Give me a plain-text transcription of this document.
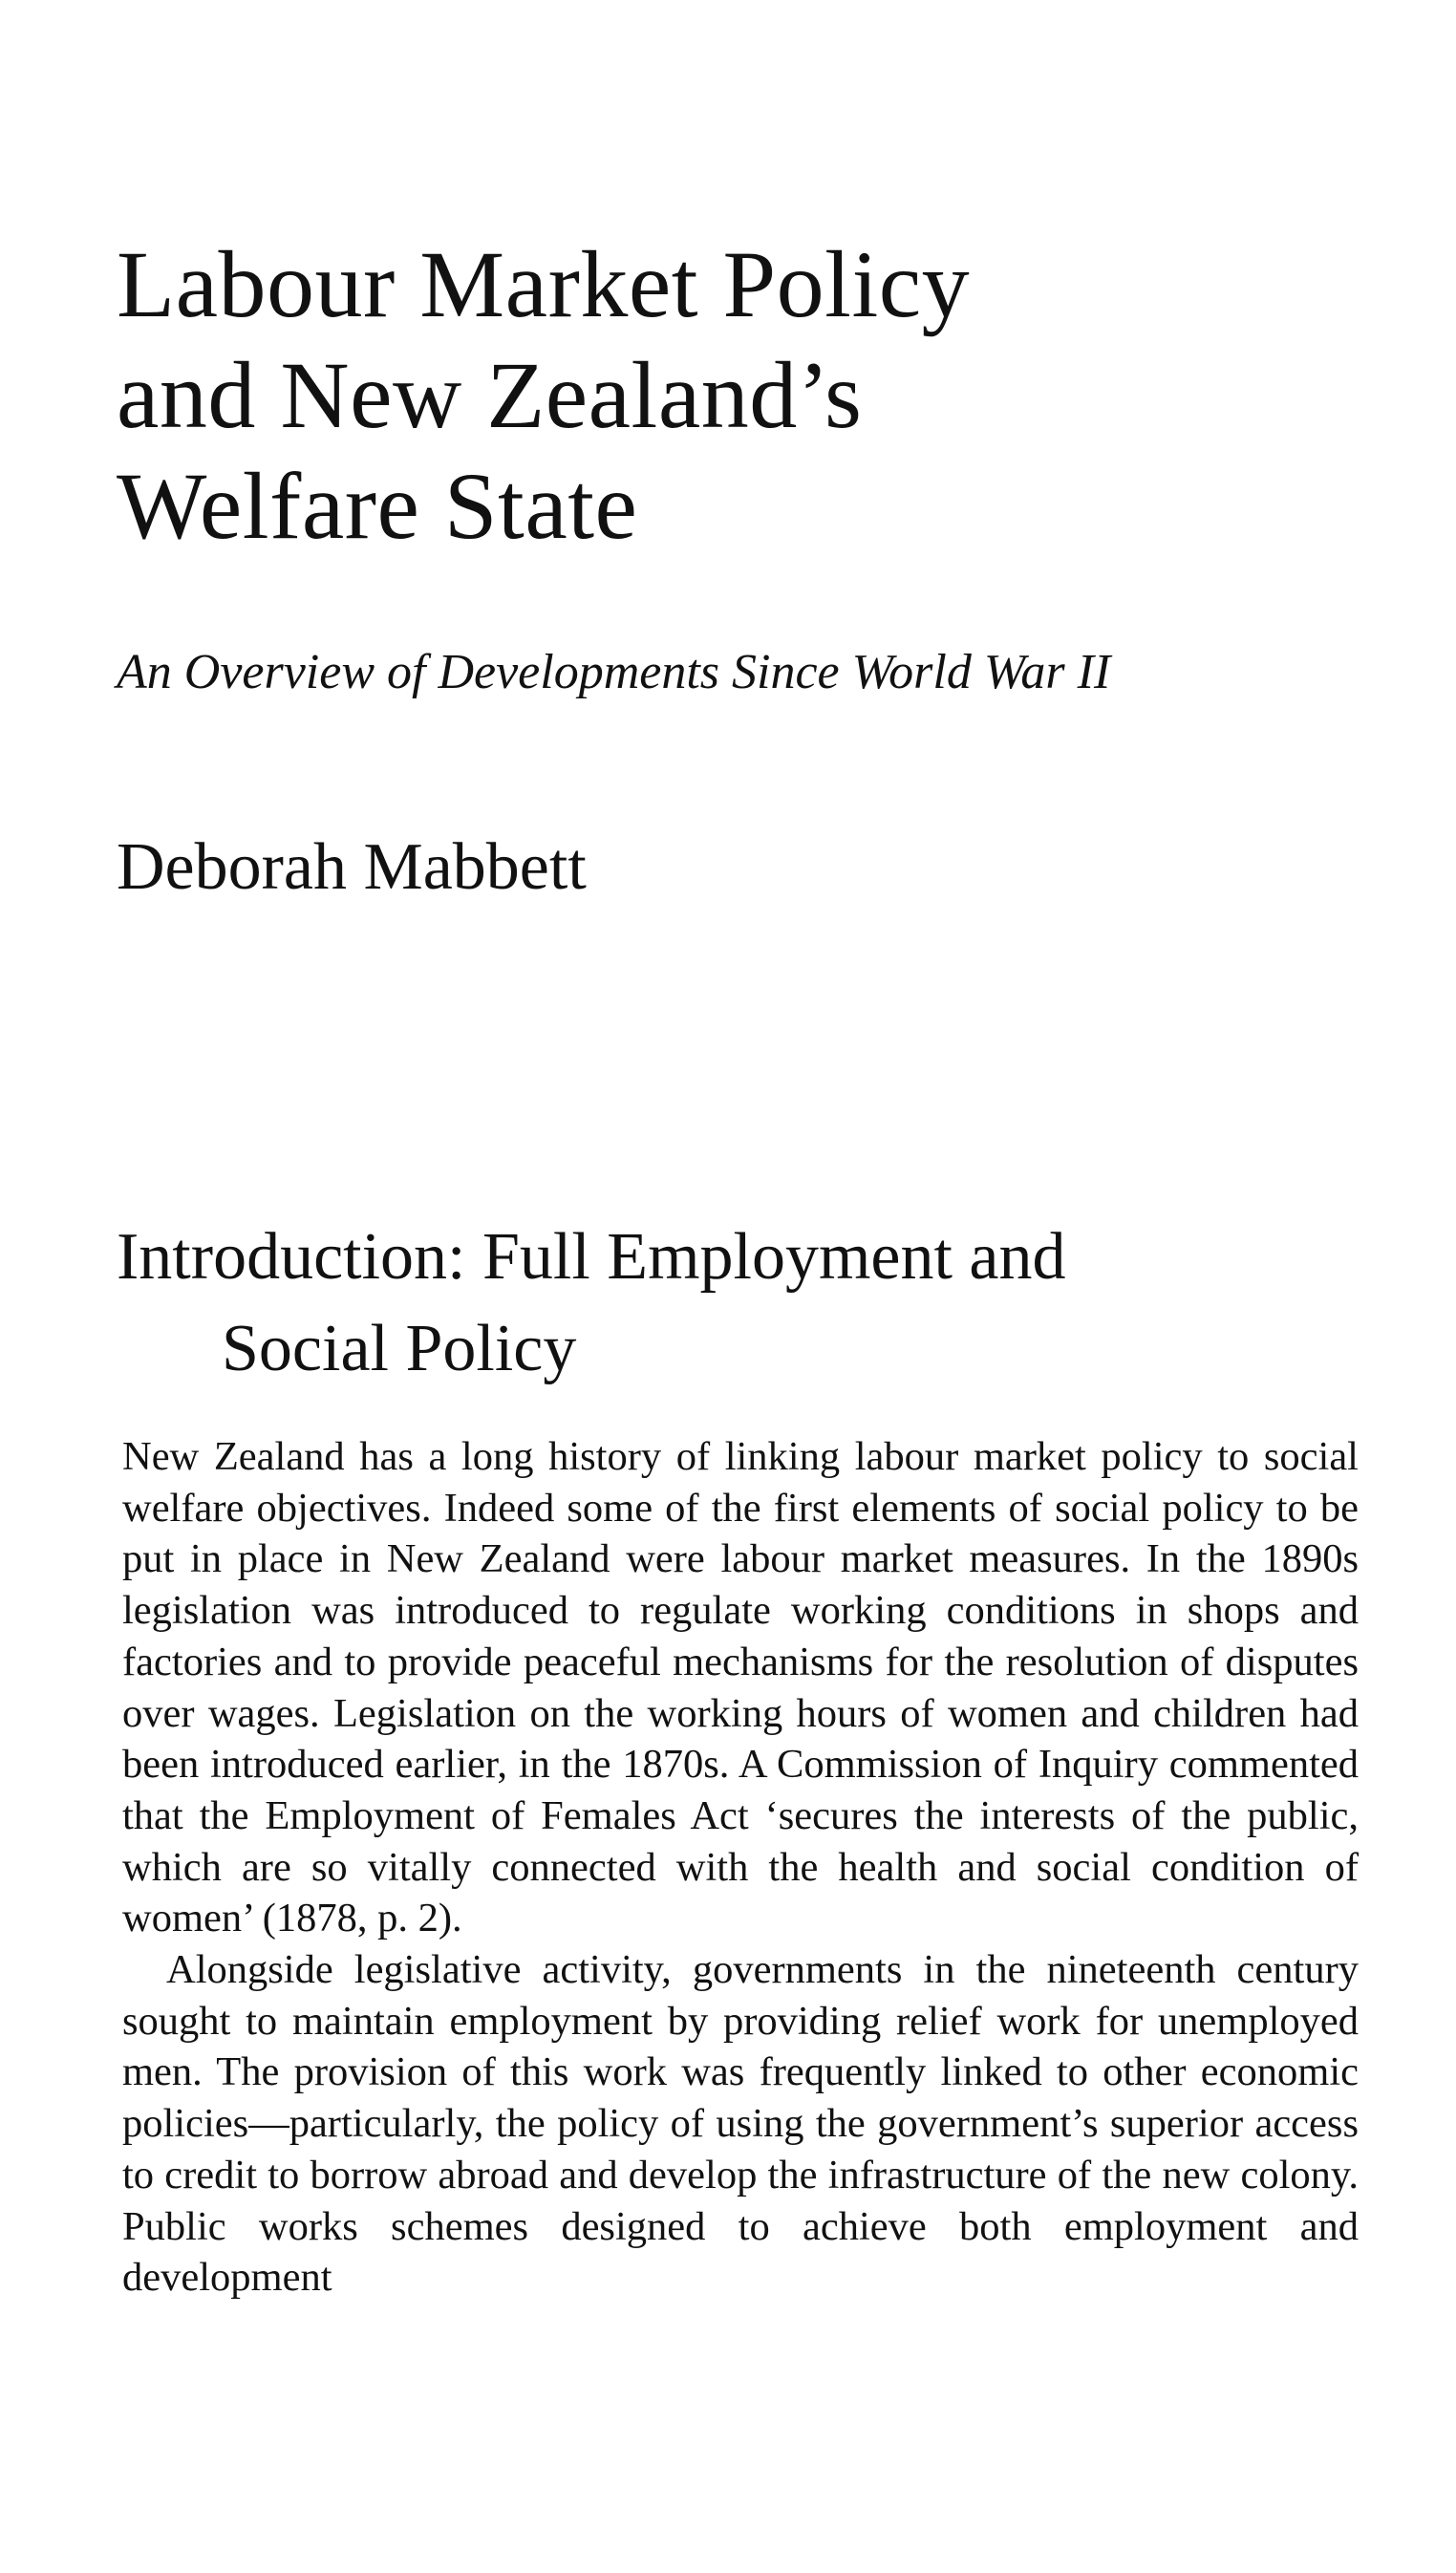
Labour Market Policy
and New Zealand’s
Welfare State
An Overview of Developments Since World War II
Deborah Mabbett
Introduction: Full Employment and
Social Policy

New Zealand has a long history of linking labour market policy to social welfare objectives. Indeed some of the first elements of social policy to be put in place in New Zealand were labour market measures. In the 1890s legislation was introduced to regulate working conditions in shops and factories and to provide peaceful mechanisms for the resolution of disputes over wages. Legislation on the working hours of women and children had been introduced earlier, in the 1870s. A Commission of Inquiry commented that the Employment of Females Act ‘secures the interests of the public, which are so vitally connected with the health and social condition of women’ (1878, p. 2).

Alongside legislative activity, governments in the nineteenth century sought to maintain employment by providing relief work for unemployed men. The provision of this work was frequently linked to other economic policies—particularly, the policy of using the government’s superior access to credit to borrow abroad and develop the infrastructure of the new colony. Public works schemes designed to achieve both employment and development
